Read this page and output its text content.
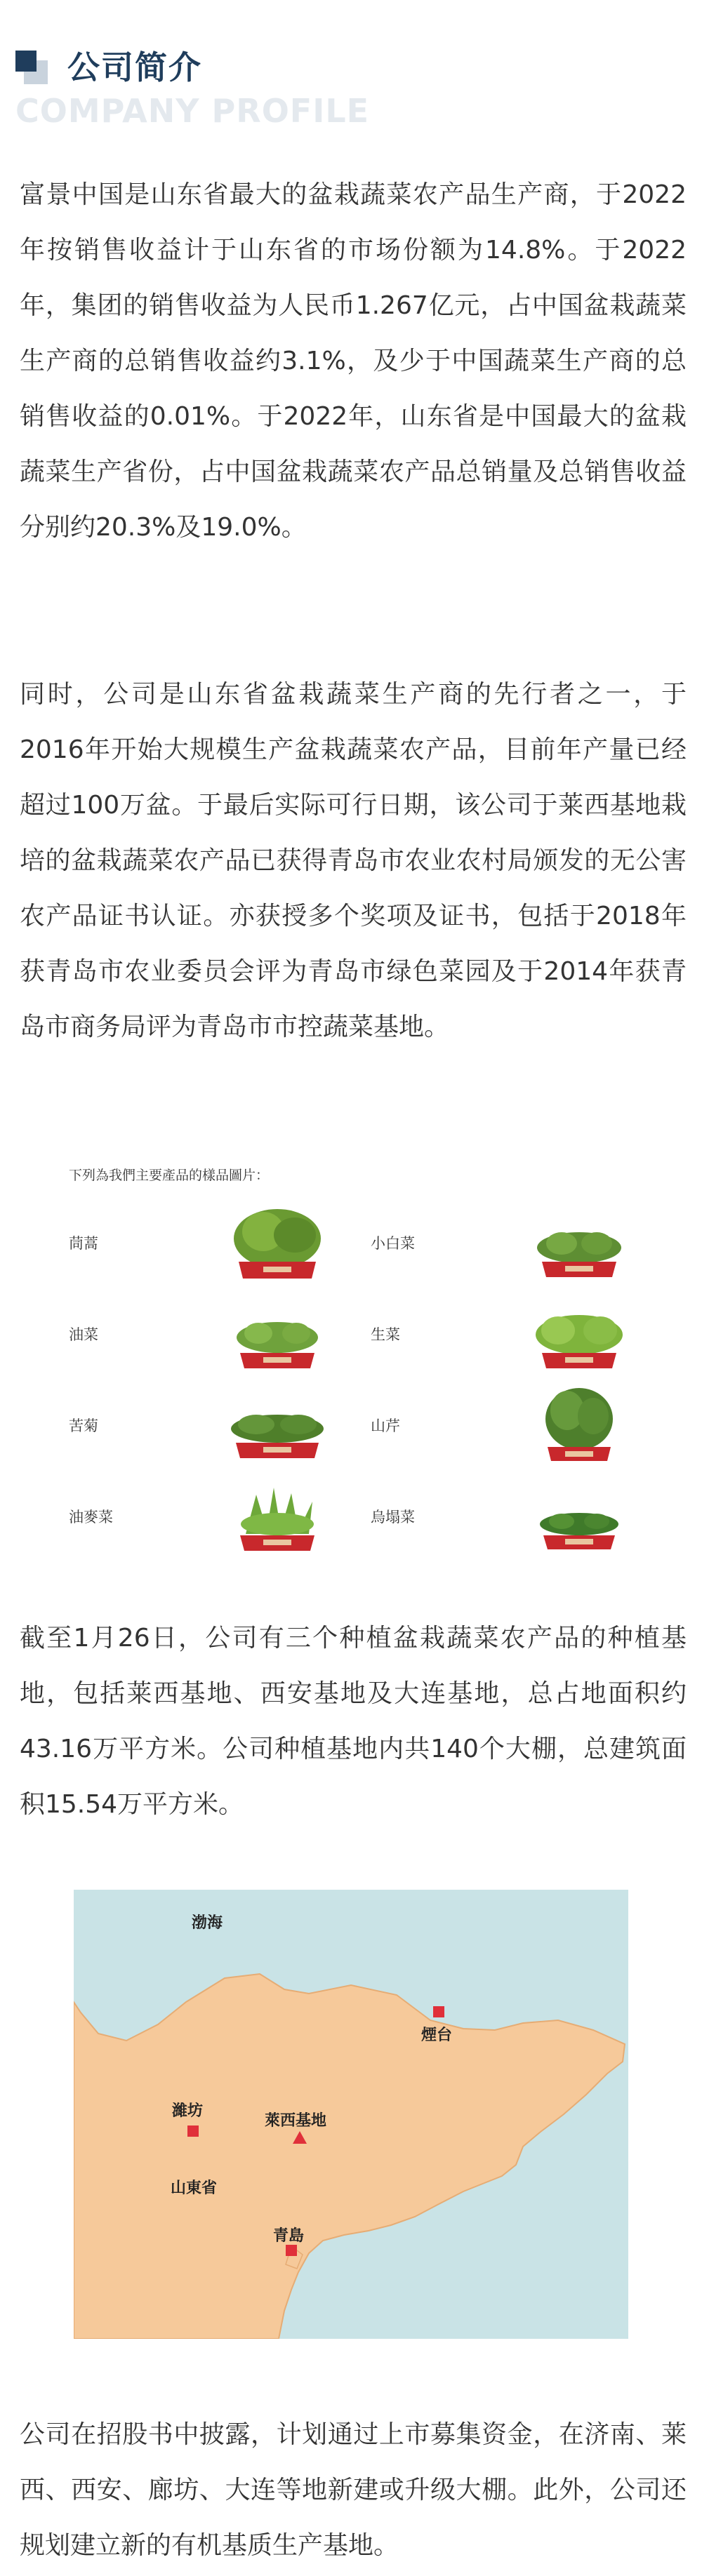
公司简介
COMPANY PROFILE

富景中国是山东省最大的盆栽蔬菜农产品生产商，于2022年按销售收益计于山东省的市场份额为14.8%。于2022年，集团的销售收益为人民币1.267亿元，占中国盆栽蔬菜生产商的总销售收益约3.1%，及少于中国蔬菜生产商的总销售收益的0.01%。于2022年，山东省是中国最大的盆栽蔬菜生产省份，占中国盆栽蔬菜农产品总销量及总销售收益分别约20.3%及19.0%。

同时，公司是山东省盆栽蔬菜生产商的先行者之一，于2016年开始大规模生产盆栽蔬菜农产品，目前年产量已经超过100万盆。于最后实际可行日期，该公司于莱西基地栽培的盆栽蔬菜农产品已获得青岛市农业农村局颁发的无公害农产品证书认证。亦获授多个奖项及证书，包括于2018年获青岛市农业委员会评为青岛市绿色菜园及于2014年获青岛市商务局评为青岛市市控蔬菜基地。

下列為我們主要產品的樣品圖片：
茼蒿	小白菜
油菜	生菜
苦菊	山芹
油麥菜	烏塌菜

截至1月26日，公司有三个种植盆栽蔬菜农产品的种植基地，包括莱西基地、西安基地及大连基地，总占地面积约43.16万平方米。公司种植基地内共140个大棚，总建筑面积15.54万平方米。

渤海
煙台
濰坊
萊西基地
山東省
青島

公司在招股书中披露，计划通过上市募集资金，在济南、莱西、西安、廊坊、大连等地新建或升级大棚。此外，公司还规划建立新的有机基质生产基地。
